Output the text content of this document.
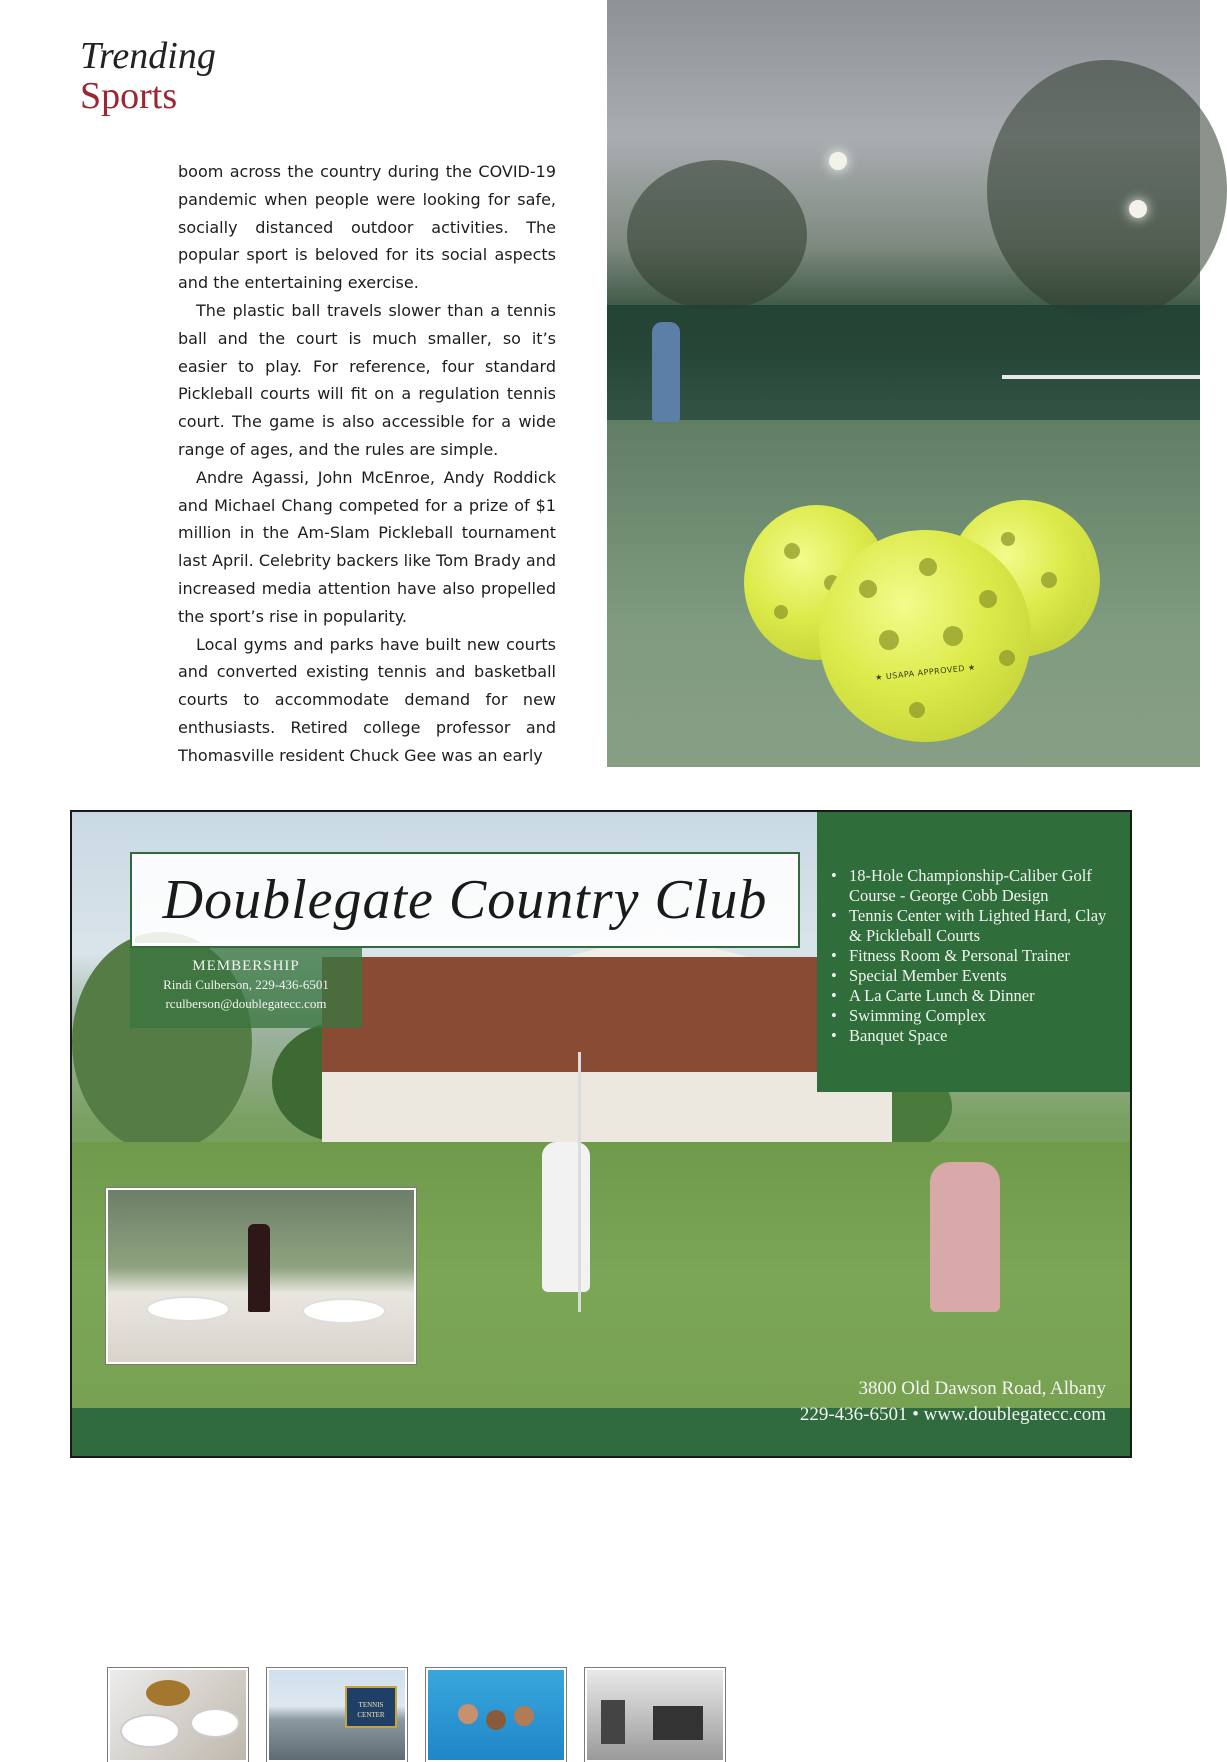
Trending
Sports

boom across the country during the COVID-19 pandemic when people were looking for safe, socially distanced outdoor activities. The popular sport is beloved for its social aspects and the entertaining exercise.

The plastic ball travels slower than a tennis ball and the court is much smaller, so it’s easier to play. For reference, four standard Pickleball courts will fit on a regulation tennis court. The game is also accessible for a wide range of ages, and the rules are simple.

Andre Agassi, John McEnroe, Andy Roddick and Michael Chang competed for a prize of $1 million in the Am-Slam Pickleball tournament last April. Celebrity backers like Tom Brady and increased media attention have also propelled the sport’s rise in popularity.

Local gyms and parks have built new courts and converted existing tennis and basketball courts to accommodate demand for new enthusiasts. Retired college professor and Thomasville resident Chuck Gee was an early

★ USAPA APPROVED ★
Doublegate Country Club
MEMBERSHIP
Rindi Culberson, 229-436-6501
rculberson@doublegatecc.com
• 18-Hole Championship-Caliber Golf Course - George Cobb Design
• Tennis Center with Lighted Hard, Clay & Pickleball Courts
• Fitness Room & Personal Trainer
• Special Member Events
• A La Carte Lunch & Dinner
• Swimming Complex
• Banquet Space
TENNIS CENTER
3800 Old Dawson Road, Albany
229-436-6501 • www.doublegatecc.com
